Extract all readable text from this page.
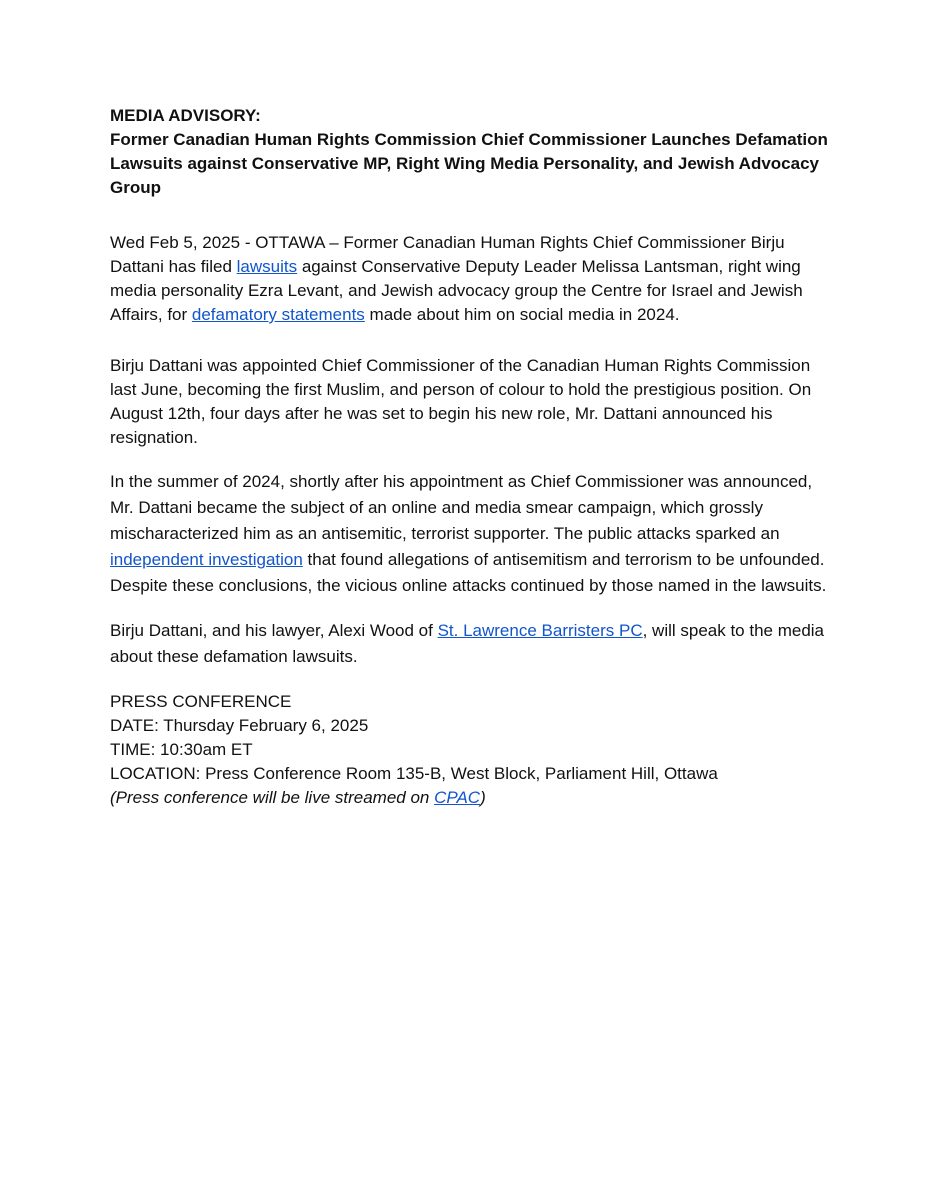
MEDIA ADVISORY:
Former Canadian Human Rights Commission Chief Commissioner Launches Defamation Lawsuits against Conservative MP, Right Wing Media Personality, and Jewish Advocacy Group

Wed Feb 5, 2025 - OTTAWA – Former Canadian Human Rights Chief Commissioner Birju Dattani has filed lawsuits against Conservative Deputy Leader Melissa Lantsman, right wing media personality Ezra Levant, and Jewish advocacy group the Centre for Israel and Jewish Affairs, for defamatory statements made about him on social media in 2024.

Birju Dattani was appointed Chief Commissioner of the Canadian Human Rights Commission last June, becoming the first Muslim, and person of colour to hold the prestigious position. On August 12th, four days after he was set to begin his new role, Mr. Dattani announced his resignation.

In the summer of 2024, shortly after his appointment as Chief Commissioner was announced, Mr. Dattani became the subject of an online and media smear campaign, which grossly mischaracterized him as an antisemitic, terrorist supporter. The public attacks sparked an independent investigation that found allegations of antisemitism and terrorism to be unfounded. Despite these conclusions, the vicious online attacks continued by those named in the lawsuits.

Birju Dattani, and his lawyer, Alexi Wood of St. Lawrence Barristers PC, will speak to the media about these defamation lawsuits.

PRESS CONFERENCE
DATE: Thursday February 6, 2025
TIME: 10:30am ET
LOCATION: Press Conference Room 135-B, West Block, Parliament Hill, Ottawa
(Press conference will be live streamed on CPAC)
